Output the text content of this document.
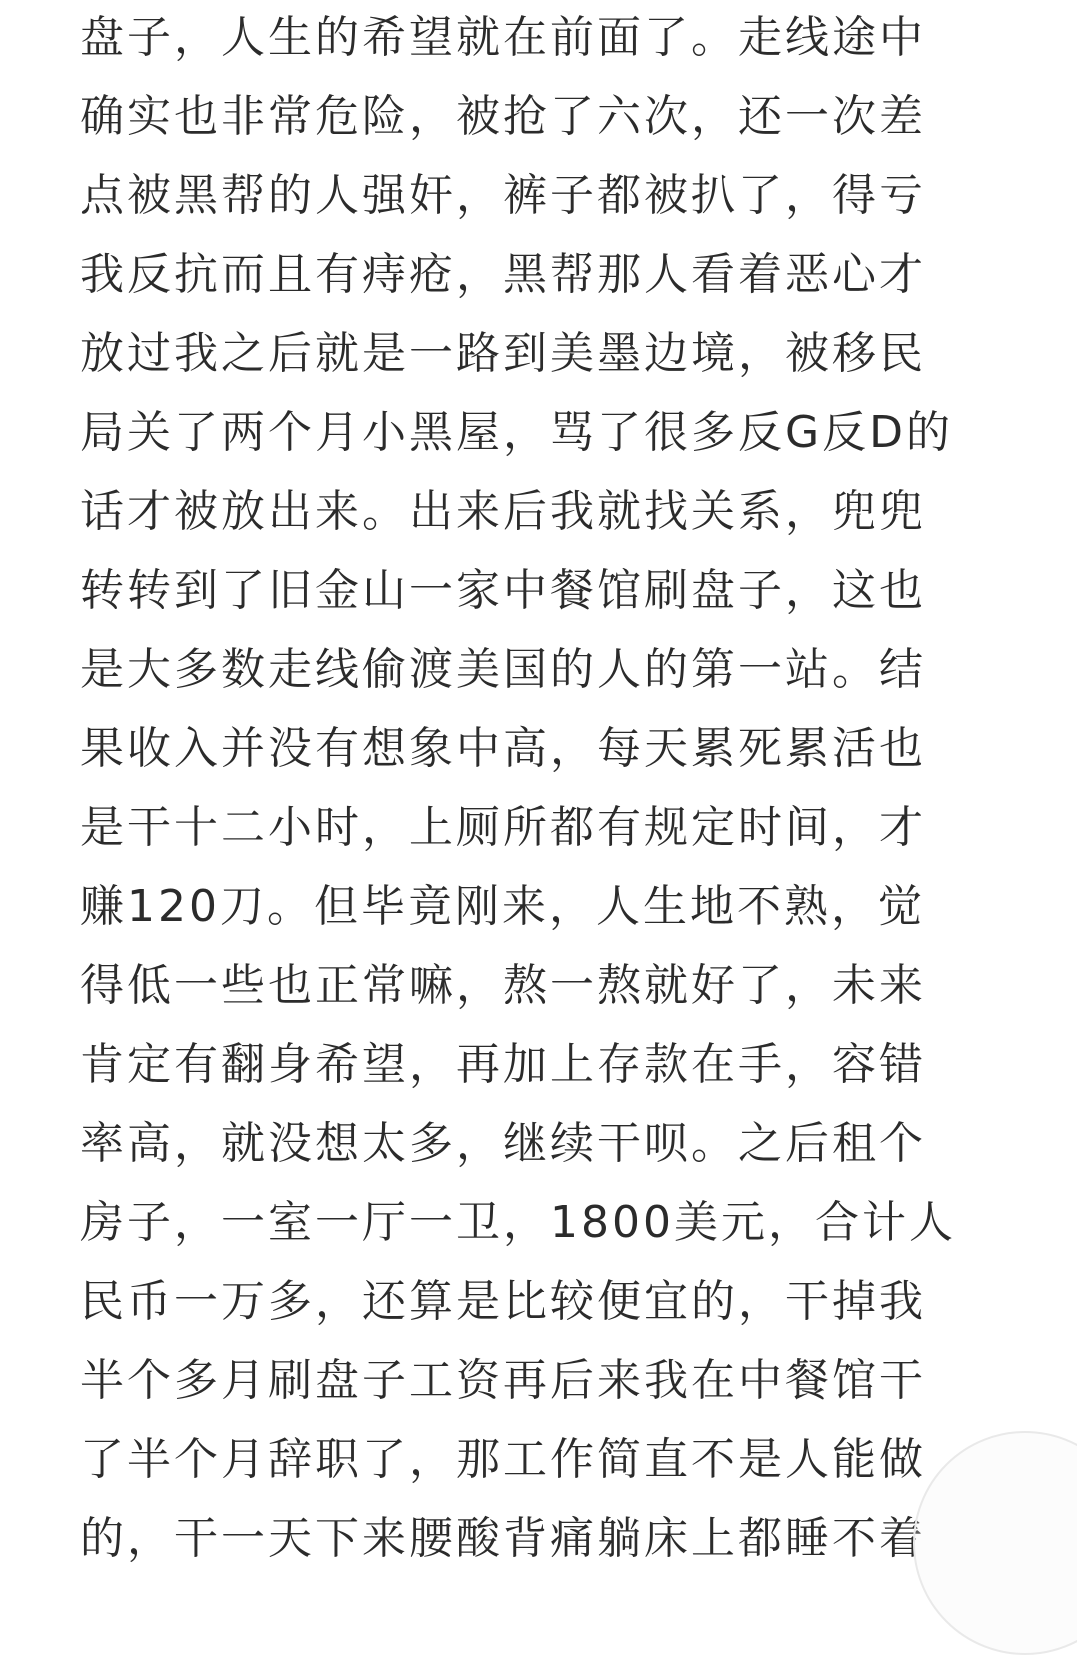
盘子，人生的希望就在前面了。走线途中
确实也非常危险，被抢了六次，还一次差
点被黑帮的人强奸，裤子都被扒了，得亏
我反抗而且有痔疮，黑帮那人看着恶心才
放过我之后就是一路到美墨边境，被移民
局关了两个月小黑屋，骂了很多反G反D的
话才被放出来。出来后我就找关系，兜兜
转转到了旧金山一家中餐馆刷盘子，这也
是大多数走线偷渡美国的人的第一站。结
果收入并没有想象中高，每天累死累活也
是干十二小时，上厕所都有规定时间，才
赚120刀。但毕竟刚来，人生地不熟，觉
得低一些也正常嘛，熬一熬就好了，未来
肯定有翻身希望，再加上存款在手，容错
率高，就没想太多，继续干呗。之后租个
房子，一室一厅一卫，1800美元，合计人
民币一万多，还算是比较便宜的，干掉我
半个多月刷盘子工资再后来我在中餐馆干
了半个月辞职了，那工作简直不是人能做
的，干一天下来腰酸背痛躺床上都睡不着
